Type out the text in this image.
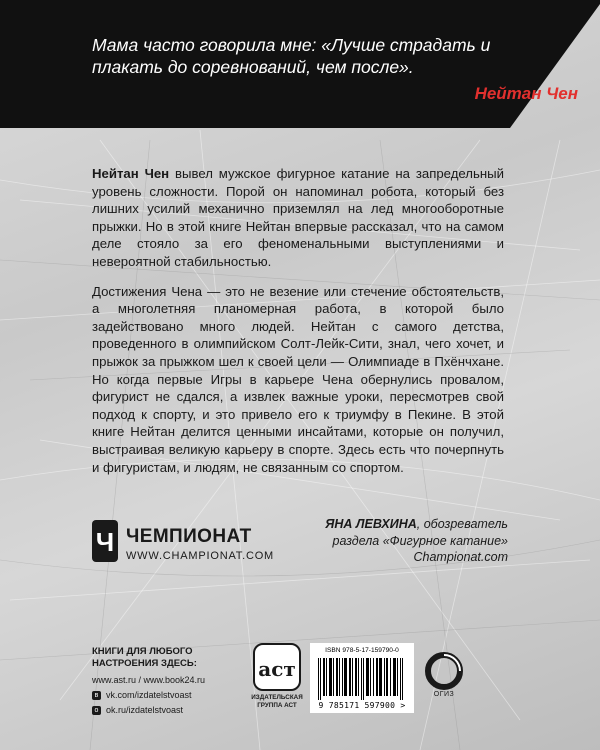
Мама часто говорила мне: «Лучше страдать и плакать до соревнований, чем после».
Нейтан Чен

Нейтан Чен вывел мужское фигурное катание на запредельный уровень сложности. Порой он напоминал робота, который без лишних усилий механично приземлял на лед многооборотные прыжки. Но в этой книге Нейтан впервые рассказал, что на самом деле стояло за его феноменальными выступлениями и невероятной стабильностью.

Достижения Чена — это не везение или стечение обстоятельств, а многолетняя планомерная работа, в которой было задействовано много людей. Нейтан с самого детства, проведенного в олимпийском Солт-Лейк-Сити, знал, чего хочет, и прыжок за прыжком шел к своей цели — Олимпиаде в Пхёнчхане. Но когда первые Игры в карьере Чена обернулись провалом, фигурист не сдался, а извлек важные уроки, пересмотрев свой подход к спорту, и это привело его к триумфу в Пекине. В этой книге Нейтан делится ценными инсайтами, которые он получил, выстраивая великую карьеру в спорте. Здесь есть что почерпнуть и фигуристам, и людям, не связанным со спортом.

Ч ЧЕМПИОНАТ
WWW.CHAMPIONAT.COM
ЯНА ЛЕВХИНА, обозреватель
раздела «Фигурное катание»
Championat.com
КНИГИ ДЛЯ ЛЮБОГО
НАСТРОЕНИЯ ЗДЕСЬ:
www.ast.ru / www.book24.ru
в vk.com/izdatelstvoast
о ok.ru/izdatelstvoast
аст
ИЗДАТЕЛЬСКАЯ
ГРУППА АСТ
ISBN 978-5-17-159790-0
9 785171 597900 >
ОГИЗ
